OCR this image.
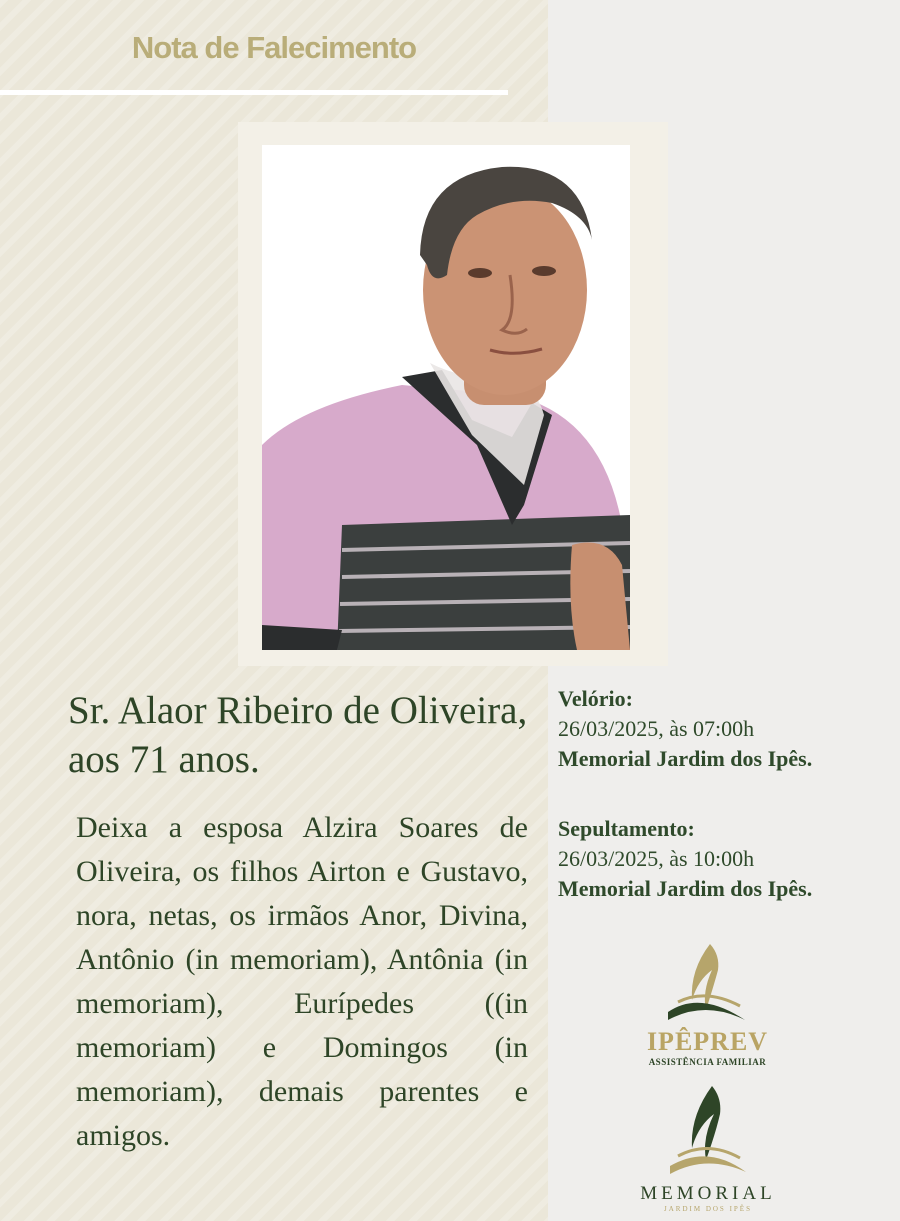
Nota de Falecimento
Sr. Alaor Ribeiro de Oliveira, aos 71 anos.
Deixa a esposa Alzira Soares de Oliveira, os filhos Airton e Gustavo, nora, netas, os irmãos Anor, Divina, Antônio (in memoriam), Antônia (in memoriam), Eurípedes ((in memoriam) e Domingos (in memoriam), demais parentes e amigos.
Velório:
26/03/2025, às 07:00h
Memorial Jardim dos Ipês.
Sepultamento:
26/03/2025, às 10:00h
Memorial Jardim dos Ipês.
IPÊPREV
ASSISTÊNCIA FAMILIAR
MEMORIAL
JARDIM DOS IPÊS
